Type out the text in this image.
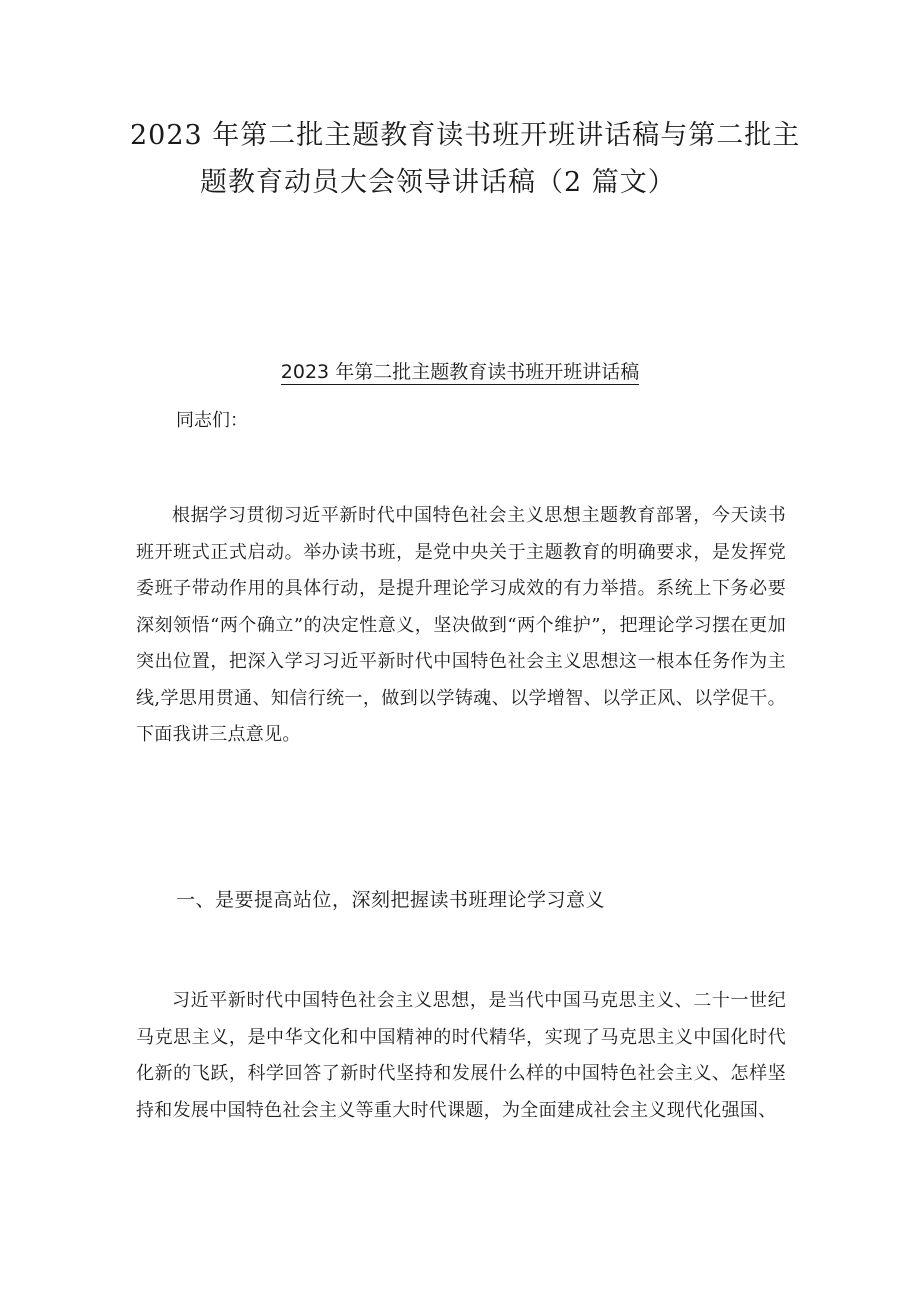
2023 年第二批主题教育读书班开班讲话稿与第二批主
题教育动员大会领导讲话稿（2 篇文）
2023 年第二批主题教育读书班开班讲话稿

同志们：

根据学习贯彻习近平新时代中国特色社会主义思想主题教育部署，今天读书班开班式正式启动。举办读书班，是党中央关于主题教育的明确要求，是发挥党委班子带动作用的具体行动，是提升理论学习成效的有力举措。系统上下务必要深刻领悟“两个确立”的决定性意义，坚决做到“两个维护”，把理论学习摆在更加突出位置，把深入学习习近平新时代中国特色社会主义思想这一根本任务作为主线,学思用贯通、知信行统一，做到以学铸魂、以学增智、以学正风、以学促干。下面我讲三点意见。

一、是要提高站位，深刻把握读书班理论学习意义

习近平新时代中国特色社会主义思想，是当代中国马克思主义、二十一世纪马克思主义，是中华文化和中国精神的时代精华，实现了马克思主义中国化时代化新的飞跃，科学回答了新时代坚持和发展什么样的中国特色社会主义、怎样坚持和发展中国特色社会主义等重大时代课题，为全面建成社会主义现代化强国、
